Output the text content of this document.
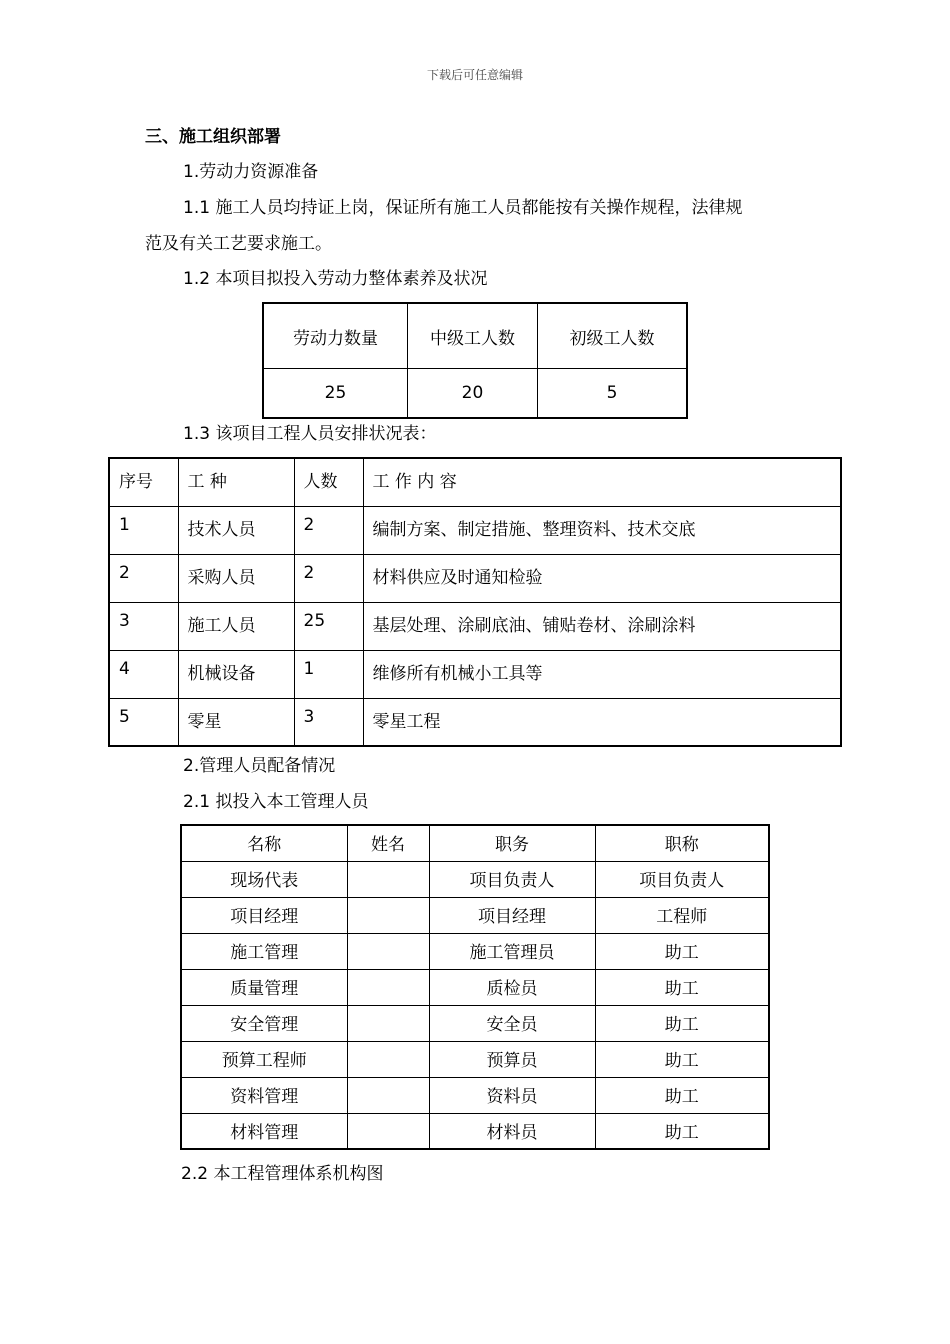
下载后可任意编辑
三、施工组织部署
1.劳动力资源准备
1.1 施工人员均持证上岗，保证所有施工人员都能按有关操作规程，法律规
范及有关工艺要求施工。
1.2 本项目拟投入劳动力整体素养及状况
劳动力数量	中级工人数	初级工人数
25	20	5
1.3 该项目工程人员安排状况表：
序号	工 种	人数	工 作 内 容
1	技术人员	2	编制方案、制定措施、整理资料、技术交底
2	采购人员	2	材料供应及时通知检验
3	施工人员	25	基层处理、涂刷底油、铺贴卷材、涂刷涂料
4	机械设备	1	维修所有机械小工具等
5	零星	3	零星工程
2.管理人员配备情况
2.1 拟投入本工管理人员
名称	姓名	职务	职称
现场代表		项目负责人	项目负责人
项目经理		项目经理	工程师
施工管理		施工管理员	助工
质量管理		质检员	助工
安全管理		安全员	助工
预算工程师		预算员	助工
资料管理		资料员	助工
材料管理		材料员	助工
2.2 本工程管理体系机构图
